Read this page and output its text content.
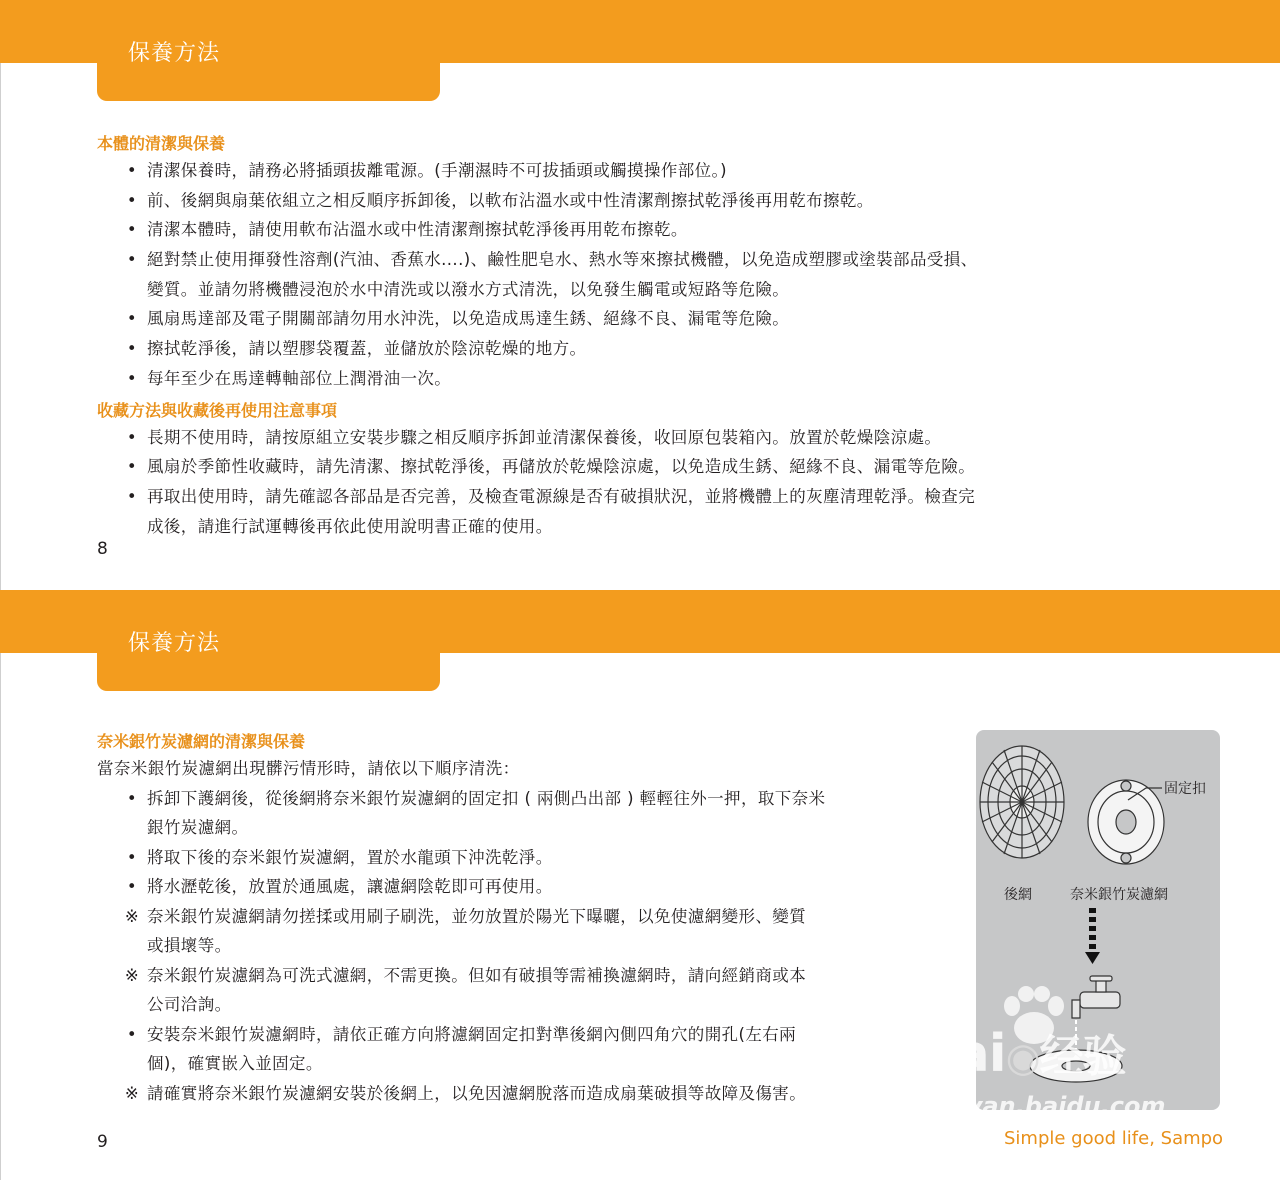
保養方法
本體的清潔與保養
• 清潔保養時，請務必將插頭拔離電源。(手潮濕時不可拔插頭或觸摸操作部位。)
• 前、後網與扇葉依組立之相反順序拆卸後，以軟布沾溫水或中性清潔劑擦拭乾淨後再用乾布擦乾。
• 清潔本體時，請使用軟布沾溫水或中性清潔劑擦拭乾淨後再用乾布擦乾。
• 絕對禁止使用揮發性溶劑(汽油、香蕉水....)、鹼性肥皂水、熱水等來擦拭機體，以免造成塑膠或塗裝部品受損、
變質。並請勿將機體浸泡於水中清洗或以潑水方式清洗，以免發生觸電或短路等危險。
• 風扇馬達部及電子開關部請勿用水沖洗，以免造成馬達生銹、絕緣不良、漏電等危險。
• 擦拭乾淨後，請以塑膠袋覆蓋，並儲放於陰涼乾燥的地方。
• 每年至少在馬達轉軸部位上潤滑油一次。
收藏方法與收藏後再使用注意事項
• 長期不使用時，請按原組立安裝步驟之相反順序拆卸並清潔保養後，收回原包裝箱內。放置於乾燥陰涼處。
• 風扇於季節性收藏時，請先清潔、擦拭乾淨後，再儲放於乾燥陰涼處，以免造成生銹、絕緣不良、漏電等危險。
• 再取出使用時，請先確認各部品是否完善，及檢查電源線是否有破損狀況，並將機體上的灰塵清理乾淨。檢查完
成後，請進行試運轉後再依此使用說明書正確的使用。
8
保養方法
奈米銀竹炭濾網的清潔與保養
當奈米銀竹炭濾網出現髒污情形時，請依以下順序清洗：
• 拆卸下護網後，從後網將奈米銀竹炭濾網的固定扣 ( 兩側凸出部 ) 輕輕往外一押，取下奈米
銀竹炭濾網。
• 將取下後的奈米銀竹炭濾網，置於水龍頭下沖洗乾淨。
• 將水瀝乾後，放置於通風處，讓濾網陰乾即可再使用。
※ 奈米銀竹炭濾網請勿搓揉或用刷子刷洗，並勿放置於陽光下曝曬，以免使濾網變形、變質
或損壞等。
※ 奈米銀竹炭濾網為可洗式濾網，不需更換。但如有破損等需補換濾網時，請向經銷商或本
公司洽詢。
• 安裝奈米銀竹炭濾網時，請依正確方向將濾網固定扣對準後網內側四角穴的開孔(左右兩
個)，確實嵌入並固定。
※ 請確實將奈米銀竹炭濾網安裝於後網上，以免因濾網脫落而造成扇葉破損等故障及傷害。
固定扣
後網	奈米銀竹炭濾網
Bai◉经验
jingyan.baidu.com
9	Simple good life, Sampo
